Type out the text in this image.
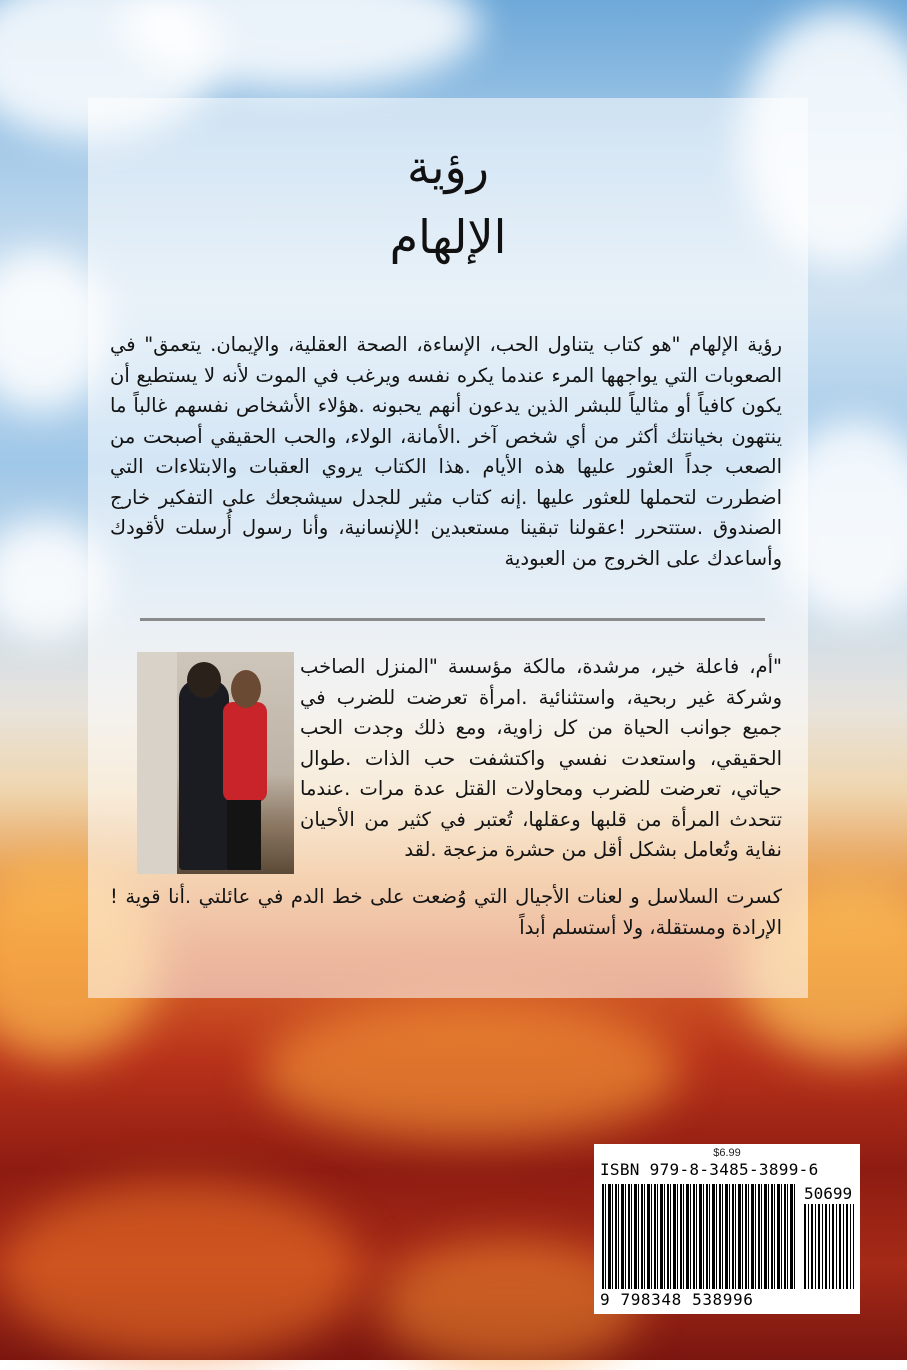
رؤية
الإلهام
رؤية الإلهام "هو كتاب يتناول الحب، الإساءة، الصحة العقلية، والإيمان. يتعمق" في الصعوبات التي يواجهها المرء عندما يكره نفسه ويرغب في الموت لأنه لا يستطيع أن يكون كافياً أو مثالياً للبشر الذين يدعون أنهم يحبونه .هؤلاء الأشخاص نفسهم غالباً ما ينتهون بخيانتك أكثر من أي شخص آخر .الأمانة، الولاء، والحب الحقيقي أصبحت من الصعب جداً العثور عليها هذه الأيام .هذا الكتاب يروي العقبات والابتلاءات التي اضطررت لتحملها للعثور عليها .إنه كتاب مثير للجدل سيشجعك على التفكير خارج الصندوق .ستتحرر !عقولنا تبقينا مستعبدين !للإنسانية، وأنا رسول أُرسلت لأقودك وأساعدك على الخروج من العبودية
"أم، فاعلة خير، مرشدة، مالكة مؤسسة "المنزل الصاخب وشركة غير ربحية، واستثنائية .امرأة تعرضت للضرب في جميع جوانب الحياة من كل زاوية، ومع ذلك وجدت الحب الحقيقي، واستعدت نفسي واكتشفت حب الذات .طوال حياتي، تعرضت للضرب ومحاولات القتل عدة مرات .عندما تتحدث المرأة من قلبها وعقلها، تُعتبر في كثير من الأحيان نفاية وتُعامل بشكل أقل من حشرة مزعجة .لقد
كسرت السلاسل و لعنات الأجيال التي وُضعت على خط الدم في عائلتي .أنا قوية !الإرادة ومستقلة، ولا أستسلم أبداً
$6.99
ISBN 979-8-3485-3899-6
50699
9 798348 538996
